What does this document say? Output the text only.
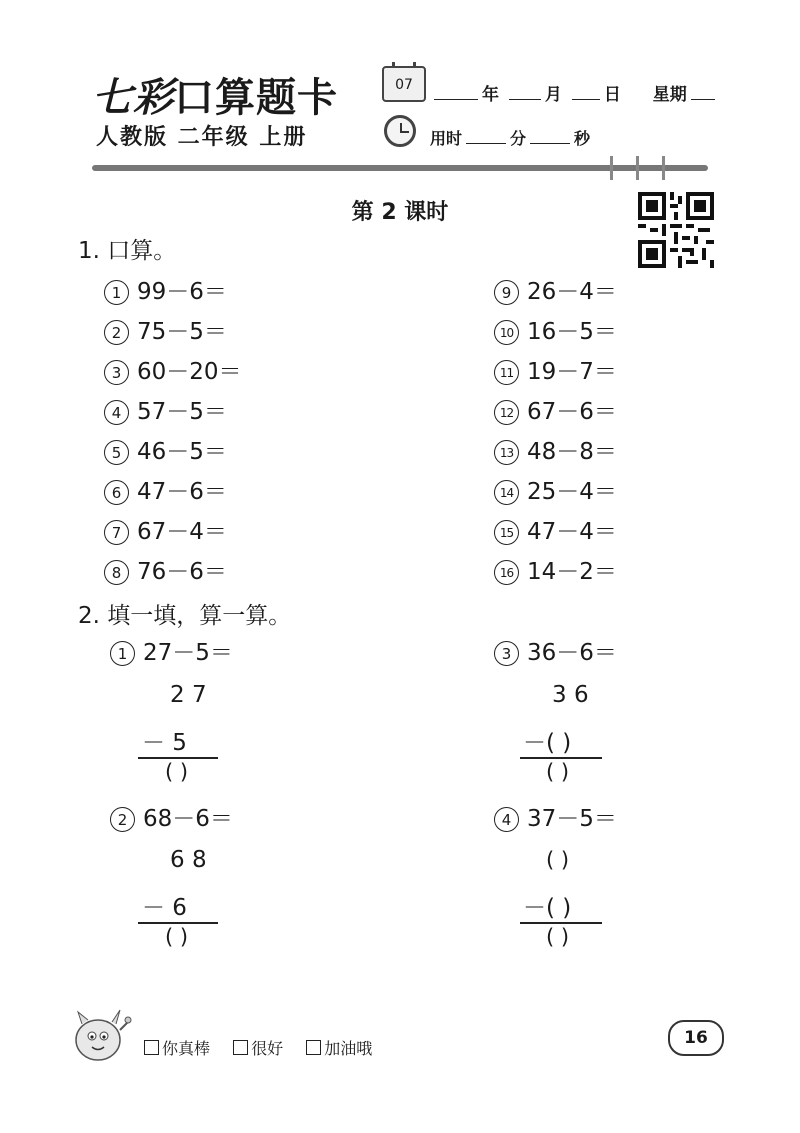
七彩口算题卡
人教版 二年级 上册
07	年	月 日 星期
用时	分	秒
第 2 课时
1. 口算。
1 99－6＝
2 75－5＝
3 60－20＝
4 57－5＝
5 46－5＝
6 47－6＝
7 67－4＝
8 76－6＝
9 26－4＝
10 16－5＝
11 19－7＝
12 67－6＝
13 48－8＝
14 25－4＝
15 47－4＝
16 14－2＝
2. 填一填，算一算。
1 27－5＝
2 7
－ 5
( )
3 36－6＝
3 6
－( )
( )
2 68－6＝
6 8
－ 6
( )
4 37－5＝
( )
－( )
( )
你真棒	很好	加油哦
16
